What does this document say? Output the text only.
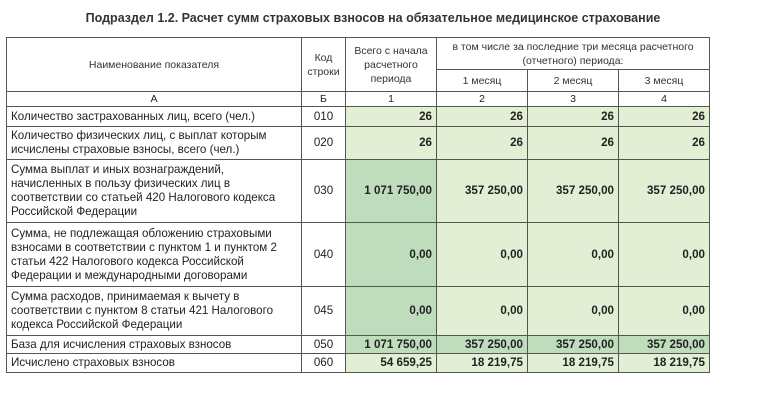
Подраздел 1.2. Расчет сумм страховых взносов на обязательное медицинское страхование
Наименование показателя	Код строки	Всего с начала расчетного периода	в том числе за последние три месяца расчетного (отчетного) периода:		
			1 месяц	2 месяц	3 месяц
А	Б	1	2	3	4
Количество застрахованных лиц, всего (чел.)	010	26	26	26	26
Количество физических лиц, с выплат которым исчислены страховые взносы, всего (чел.)	020	26	26	26	26
Сумма выплат и иных вознаграждений, начисленных в пользу физических лиц в соответствии со статьей 420 Налогового кодекса Российской Федерации	030	1 071 750,00	357 250,00	357 250,00	357 250,00
Сумма, не подлежащая обложению страховыми взносами в соответствии с пунктом 1 и пунктом 2 статьи 422 Налогового кодекса Российской Федерации и международными договорами	040	0,00	0,00	0,00	0,00
Сумма расходов, принимаемая к вычету в соответствии с пунктом 8 статьи 421 Налогового кодекса Российской Федерации	045	0,00	0,00	0,00	0,00
База для исчисления страховых взносов	050	1 071 750,00	357 250,00	357 250,00	357 250,00
Исчислено страховых взносов	060	54 659,25	18 219,75	18 219,75	18 219,75
